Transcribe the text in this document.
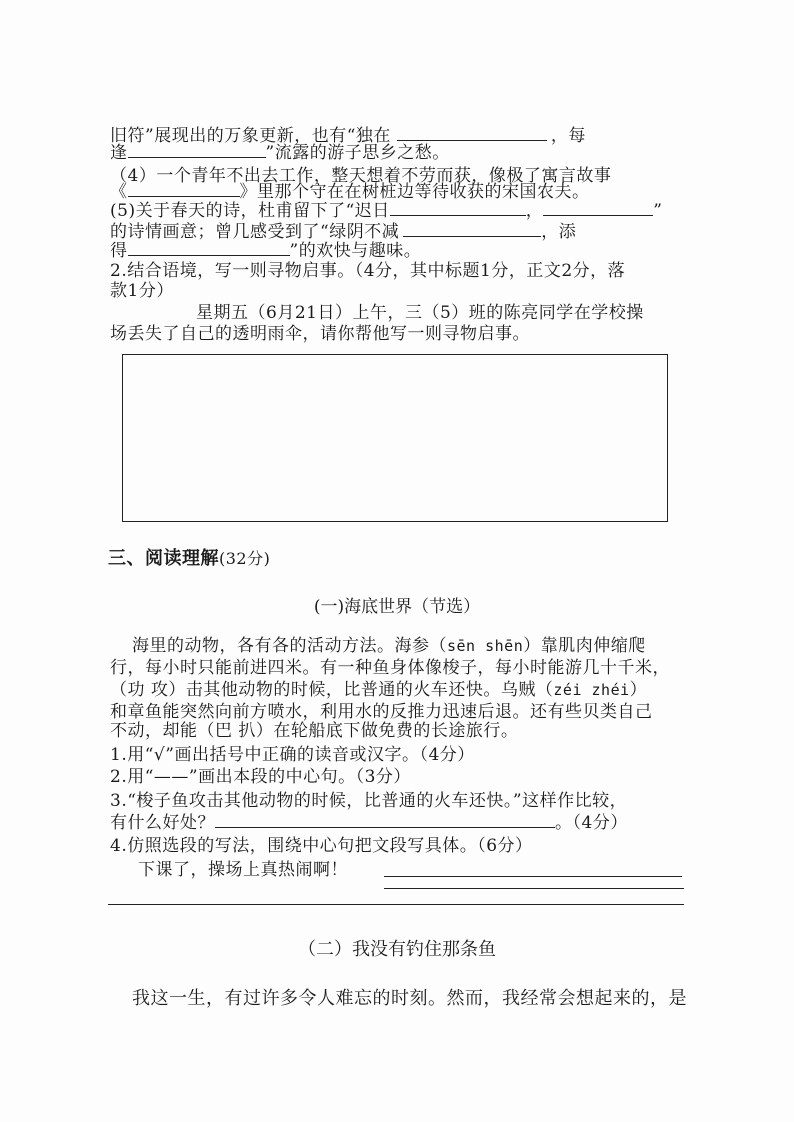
旧符”展现出的万象更新，也有“独在	，每
逢	”流露的游子思乡之愁。
（4）一个青年不出去工作，整天想着不劳而获，像极了寓言故事
《	》里那个守在在树桩边等待收获的宋国农夫。
(5)关于春天的诗，杜甫留下了“迟日	，	”
的诗情画意；曾几感受到了“绿阴不减	，添
得	”的欢快与趣味。
2.结合语境，写一则寻物启事。（4分，其中标题1分，正文2分，落
款1分）
星期五（6月21日）上午，三（5）班的陈亮同学在学校操
场丢失了自己的透明雨伞，请你帮他写一则寻物启事。
三、阅读理解(32分)
(一)海底世界（节选）
海里的动物，各有各的活动方法。海参（sēn shēn）靠肌肉伸缩爬
行，每小时只能前进四米。有一种鱼身体像梭子，每小时能游几十千米，
（功 攻）击其他动物的时候，比普通的火车还快。乌贼（zéi zhéi）
和章鱼能突然向前方喷水，利用水的反推力迅速后退。还有些贝类自己
不动，却能（巴 扒）在轮船底下做免费的长途旅行。
1.用“√”画出括号中正确的读音或汉字。（4分）
2.用“——”画出本段的中心句。（3分）
3.“梭子鱼攻击其他动物的时候，比普通的火车还快。”这样作比较，
有什么好处？	。（4分）
4.仿照选段的写法，围绕中心句把文段写具体。（6分）
下课了，操场上真热闹啊！
（二）我没有钓住那条鱼
我这一生，有过许多令人难忘的时刻。然而，我经常会想起来的，是
